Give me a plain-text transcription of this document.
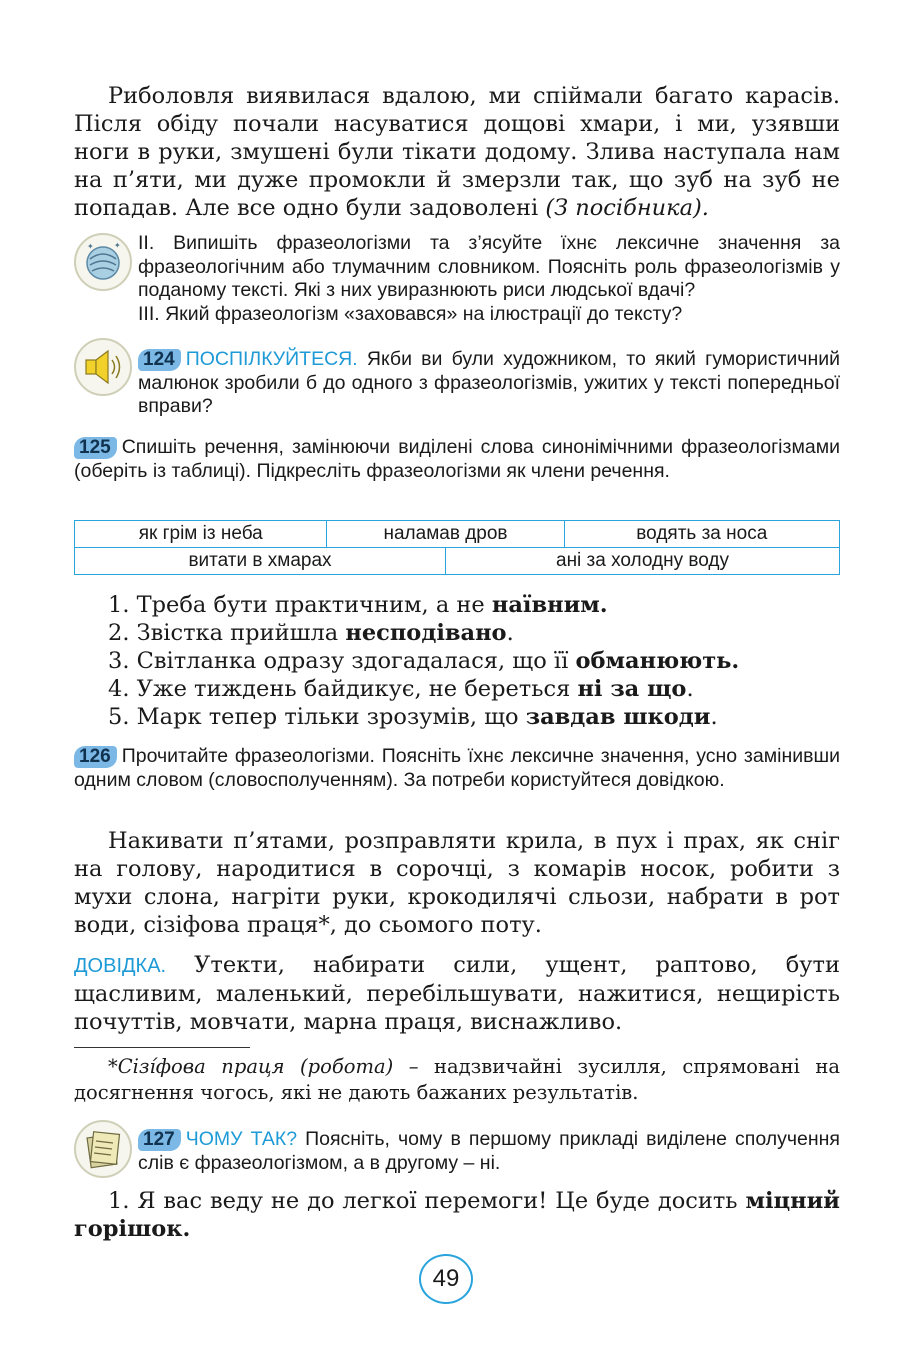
Риболовля виявилася вдалою, ми спіймали багато карасів. Після обіду почали насуватися дощові хмари, і ми, узявши ноги в руки, змушені були тікати додому. Злива наступала нам на п’яти, ми дуже промокли й змерзли так, що зуб на зуб не попадав. Але все одно були задоволені (З посібника).
✦	✦ ІІ. Випишіть фразеологізми та з’ясуйте їхнє лексичне значення за фразеологічним або тлумачним словником. Поясніть роль фразеологізмів у поданому тексті. Які з них увиразнюють риси людської вдачі?
ІІІ. Який фразеологізм «заховався» на ілюстрації до тексту?
124 ПОСПІЛКУЙТЕСЯ. Якби ви були художником, то який гумористичний малюнок зробили б до одного з фразеологізмів, ужитих у тексті попередньої вправи?
125 Спишіть речення, замінюючи виділені слова синонімічними фразеологізмами (оберіть із таблиці). Підкресліть фразеологізми як члени речення.
як грім із неба	наламав дров		водять за носа
витати в хмарах		ані за холодну воду	
1. Треба бути практичним, а не наївним.
2. Звістка прийшла несподівано.
3. Світланка одразу здогадалася, що її обманюють.
4. Уже тиждень байдикує, не береться ні за що.
5. Марк тепер тільки зрозумів, що завдав шкоди.
126 Прочитайте фразеологізми. Поясніть їхнє лексичне значення, усно замінивши одним словом (словосполученням). За потреби користуйтеся довідкою.
Накивати п’ятами, розправляти крила, в пух і прах, як сніг на голову, народитися в сорочці, з комарів носок, робити з мухи слона, нагріти руки, крокодилячі сльози, набрати в рот води, сізіфова праця*, до сьомого поту.
ДОВІДКА. Утекти, набирати сили, ущент, раптово, бути щасливим, маленький, перебільшувати, нажитися, нещирість почуттів, мовчати, марна праця, виснажливо.
*Сізі́фова праця (робота) – надзвичайні зусилля, спрямовані на досягнення чогось, які не дають бажаних результатів.
127 ЧОМУ ТАК? Поясніть, чому в першому прикладі виділене сполучення слів є фразеологізмом, а в другому – ні.
1. Я вас веду не до легкої перемоги! Це буде досить міцний горішок.
49
